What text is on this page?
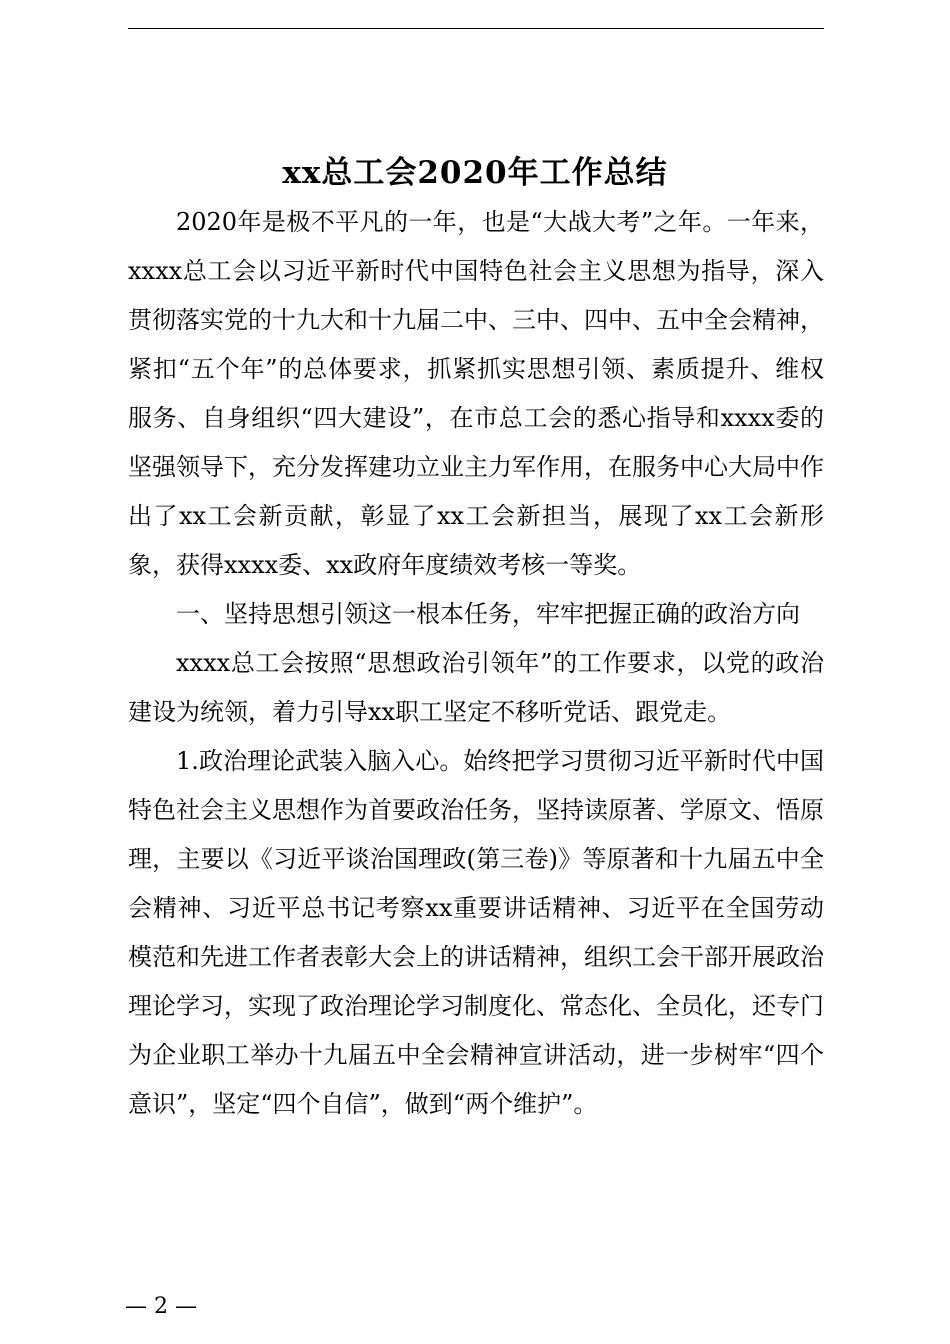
xx总工会2020年工作总结

2020年是极不平凡的一年，也是“大战大考”之年。一年来，xxxx总工会以习近平新时代中国特色社会主义思想为指导，深入贯彻落实党的十九大和十九届二中、三中、四中、五中全会精神，紧扣“五个年”的总体要求，抓紧抓实思想引领、素质提升、维权服务、自身组织“四大建设”，在市总工会的悉心指导和xxxx委的坚强领导下，充分发挥建功立业主力军作用，在服务中心大局中作出了xx工会新贡献，彰显了xx工会新担当，展现了xx工会新形象，获得xxxx委、xx政府年度绩效考核一等奖。

一、坚持思想引领这一根本任务，牢牢把握正确的政治方向

xxxx总工会按照“思想政治引领年”的工作要求，以党的政治建设为统领，着力引导xx职工坚定不移听党话、跟党走。

1.政治理论武装入脑入心。始终把学习贯彻习近平新时代中国特色社会主义思想作为首要政治任务，坚持读原著、学原文、悟原理，主要以《习近平谈治国理政(第三卷)》等原著和十九届五中全会精神、习近平总书记考察xx重要讲话精神、习近平在全国劳动模范和先进工作者表彰大会上的讲话精神，组织工会干部开展政治理论学习，实现了政治理论学习制度化、常态化、全员化，还专门为企业职工举办十九届五中全会精神宣讲活动，进一步树牢“四个意识”，坚定“四个自信”，做到“两个维护”。

— 2 —
